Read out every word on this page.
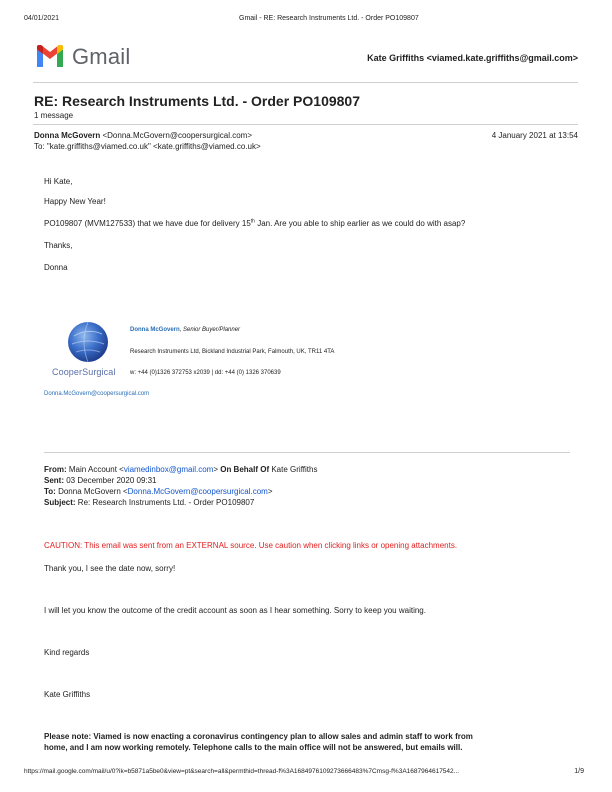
04/01/2021	Gmail - RE: Research Instruments Ltd. - Order PO109807
Gmail	Kate Griffiths <viamed.kate.griffiths@gmail.com>
RE: Research Instruments Ltd. - Order PO109807
1 message
Donna McGovern <Donna.McGovern@coopersurgical.com>	4 January 2021 at 13:54
To: "kate.griffiths@viamed.co.uk" <kate.griffiths@viamed.co.uk>
Hi Kate,
Happy New Year!
PO109807 (MVM127533) that we have due for delivery 15th Jan. Are you able to ship earlier as we could do with asap?
Thanks,
Donna
CooperSurgical
Donna McGovern, Senior Buyer/Planner
Research Instruments Ltd, Bickland Industrial Park, Falmouth, UK, TR11 4TA
w: +44 (0)1326 372753 x2039 | dd: +44 (0) 1326 370639
Donna.McGovern@coopersurgical.com
From: Main Account <viamedinbox@gmail.com> On Behalf Of Kate Griffiths
Sent: 03 December 2020 09:31
To: Donna McGovern <Donna.McGovern@coopersurgical.com>
Subject: Re: Research Instruments Ltd. - Order PO109807
CAUTION: This email was sent from an EXTERNAL source. Use caution when clicking links or opening attachments.
Thank you, I see the date now, sorry!
I will let you know the outcome of the credit account as soon as I hear something. Sorry to keep you waiting.
Kind regards
Kate Griffiths
Please note: Viamed is now enacting a coronavirus contingency plan to allow sales and admin staff to work from
home, and I am now working remotely. Telephone calls to the main office will not be answered, but emails will.
https://mail.google.com/mail/u/0?ik=b5871a5be0&view=pt&search=all&permthid=thread-f%3A1684976109273666483%7Cmsg-f%3A1687964617542...	1/9
